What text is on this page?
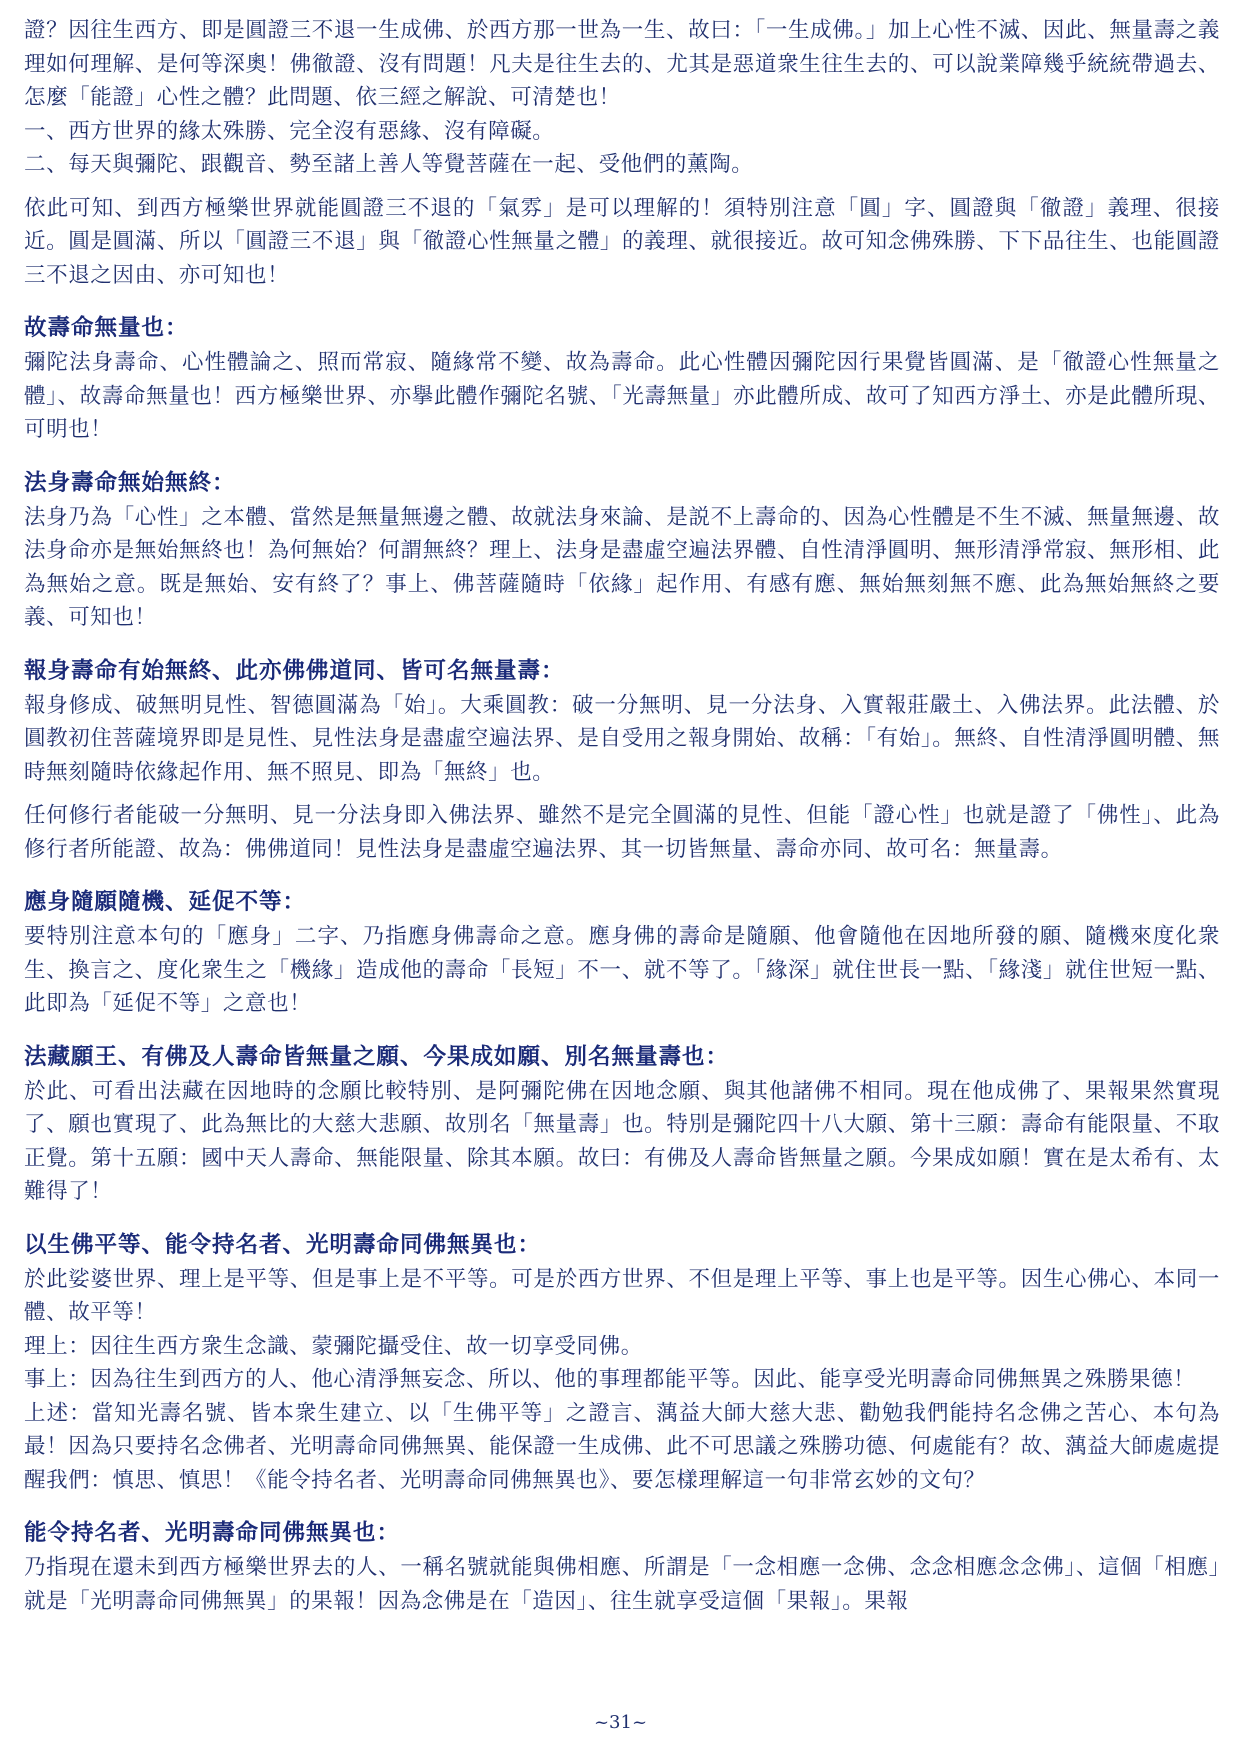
證？因往生西方、即是圓證三不退一生成佛、於西方那一世為一生、故曰：「一生成佛。」加上心性不滅、因此、無量壽之義理如何理解、是何等深奧！佛徹證、沒有問題！凡夫是往生去的、尤其是惡道衆生往生去的、可以說業障幾乎統統帶過去、怎麼「能證」心性之體？此問題、依三經之解說、可清楚也！

一、西方世界的緣太殊勝、完全沒有惡緣、沒有障礙。

二、每天與彌陀、跟觀音、勢至諸上善人等覺菩薩在一起、受他們的薰陶。

依此可知、到西方極樂世界就能圓證三不退的「氣雰」是可以理解的！須特別注意「圓」字、圓證與「徹證」義理、很接近。圓是圓滿、所以「圓證三不退」與「徹證心性無量之體」的義理、就很接近。故可知念佛殊勝、下下品往生、也能圓證三不退之因由、亦可知也！

故壽命無量也：

彌陀法身壽命、心性體論之、照而常寂、隨緣常不變、故為壽命。此心性體因彌陀因行果覺皆圓滿、是「徹證心性無量之體」、故壽命無量也！西方極樂世界、亦擧此體作彌陀名號、「光壽無量」亦此體所成、故可了知西方淨土、亦是此體所現、可明也！

法身壽命無始無終：

法身乃為「心性」之本體、當然是無量無邊之體、故就法身來論、是説不上壽命的、因為心性體是不生不滅、無量無邊、故法身命亦是無始無終也！為何無始？何謂無終？理上、法身是盡虛空遍法界體、自性清淨圓明、無形清淨常寂、無形相、此為無始之意。既是無始、安有終了？事上、佛菩薩隨時「依緣」起作用、有感有應、無始無刻無不應、此為無始無終之要義、可知也！

報身壽命有始無終、此亦佛佛道同、皆可名無量壽：

報身修成、破無明見性、智德圓滿為「始」。大乘圓教：破一分無明、見一分法身、入實報莊嚴土、入佛法界。此法體、於圓教初住菩薩境界即是見性、見性法身是盡虛空遍法界、是自受用之報身開始、故稱：「有始」。無終、自性清淨圓明體、無時無刻隨時依緣起作用、無不照見、即為「無終」也。

任何修行者能破一分無明、見一分法身即入佛法界、雖然不是完全圓滿的見性、但能「證心性」也就是證了「佛性」、此為修行者所能證、故為：佛佛道同！見性法身是盡虛空遍法界、其一切皆無量、壽命亦同、故可名：無量壽。

應身隨願隨機、延促不等：

要特別注意本句的「應身」二字、乃指應身佛壽命之意。應身佛的壽命是隨願、他會隨他在因地所發的願、隨機來度化衆生、換言之、度化衆生之「機緣」造成他的壽命「長短」不一、就不等了。「緣深」就住世長一點、「緣淺」就住世短一點、此即為「延促不等」之意也！

法藏願王、有佛及人壽命皆無量之願、今果成如願、別名無量壽也：

於此、可看出法藏在因地時的念願比較特別、是阿彌陀佛在因地念願、與其他諸佛不相同。現在他成佛了、果報果然實現了、願也實現了、此為無比的大慈大悲願、故別名「無量壽」也。特別是彌陀四十八大願、第十三願：壽命有能限量、不取正覺。第十五願：國中天人壽命、無能限量、除其本願。故曰：有佛及人壽命皆無量之願。今果成如願！實在是太希有、太難得了！

以生佛平等、能令持名者、光明壽命同佛無異也：

於此娑婆世界、理上是平等、但是事上是不平等。可是於西方世界、不但是理上平等、事上也是平等。因生心佛心、本同一體、故平等！

理上： 因往生西方衆生念識、蒙彌陀攝受住、故一切享受同佛。

事上： 因為往生到西方的人、他心清淨無妄念、所以、他的事理都能平等。因此、能享受光明壽命同佛無異之殊勝果德！

上述：當知光壽名號、皆本衆生建立、以「生佛平等」之證言、蕅益大師大慈大悲、勸勉我們能持名念佛之苦心、本句為最！因為只要持名念佛者、光明壽命同佛無異、能保證一生成佛、此不可思議之殊勝功德、何處能有？故、蕅益大師處處提醒我們：慎思、慎思！《能令持名者、光明壽命同佛無異也》、要怎樣理解這一句非常玄妙的文句？

能令持名者、光明壽命同佛無異也：

乃指現在還未到西方極樂世界去的人、一稱名號就能與佛相應、所謂是「一念相應一念佛、念念相應念念佛」、這個「相應」就是「光明壽命同佛無異」的果報！因為念佛是在「造因」、往生就享受這個「果報」。果報

~31~
